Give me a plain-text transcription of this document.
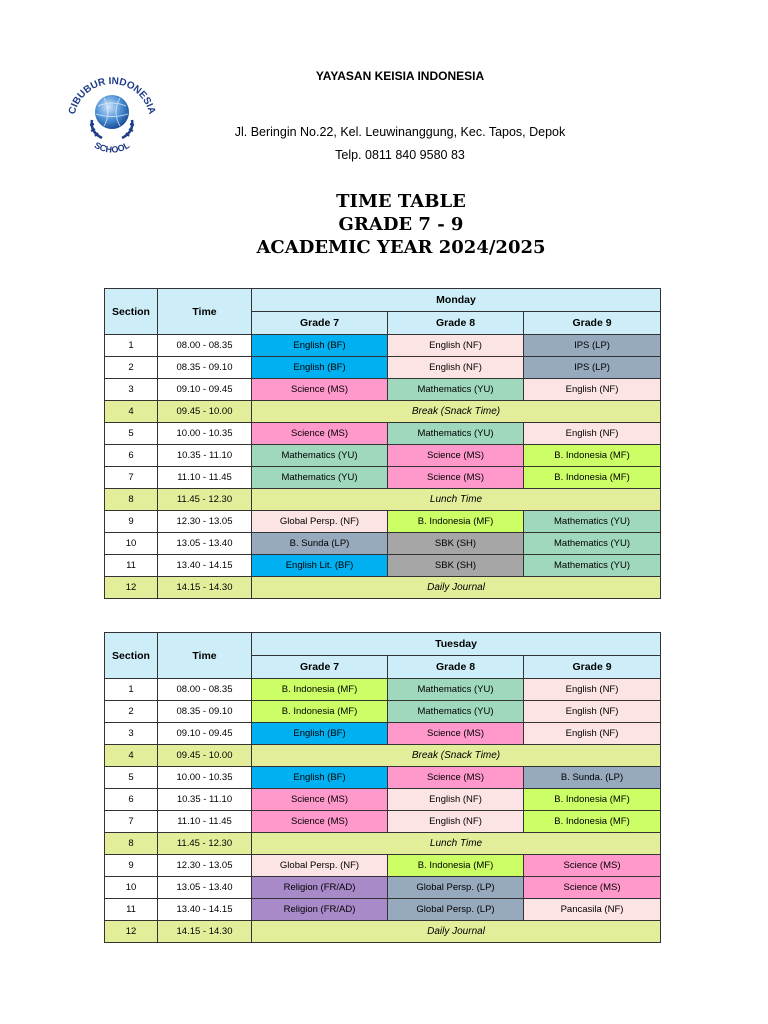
CIBUBUR INDONESIA
SCHOOL
YAYASAN KEISIA INDONESIA
Jl. Beringin No.22, Kel. Leuwinanggung, Kec. Tapos, Depok
Telp. 0811 840 9580 83
TIME TABLE
GRADE 7 - 9
ACADEMIC YEAR 2024/2025
Section	Time	Monday		
		Grade 7	Grade 8	Grade 9
1	08.00 - 08.35	English (BF)	English (NF)	IPS (LP)
2	08.35 - 09.10	English (BF)	English (NF)	IPS (LP)
3	09.10 - 09.45	Science (MS)	Mathematics (YU)	English (NF)
4	09.45 - 10.00	Break (Snack Time)		
5	10.00 - 10.35	Science (MS)	Mathematics (YU)	English (NF)
6	10.35 - 11.10	Mathematics (YU)	Science (MS)	B. Indonesia (MF)
7	11.10 - 11.45	Mathematics (YU)	Science (MS)	B. Indonesia (MF)
8	11.45 - 12.30	Lunch Time		
9	12.30 - 13.05	Global Persp. (NF)	B. Indonesia (MF)	Mathematics (YU)
10	13.05 - 13.40	B. Sunda (LP)	SBK (SH)	Mathematics (YU)
11	13.40 - 14.15	English Lit. (BF)	SBK (SH)	Mathematics (YU)
12	14.15 - 14.30	Daily Journal		
Section	Time	Tuesday		
		Grade 7	Grade 8	Grade 9
1	08.00 - 08.35	B. Indonesia (MF)	Mathematics (YU)	English (NF)
2	08.35 - 09.10	B. Indonesia (MF)	Mathematics (YU)	English (NF)
3	09.10 - 09.45	English (BF)	Science (MS)	English (NF)
4	09.45 - 10.00	Break (Snack Time)		
5	10.00 - 10.35	English (BF)	Science (MS)	B. Sunda. (LP)
6	10.35 - 11.10	Science (MS)	English (NF)	B. Indonesia (MF)
7	11.10 - 11.45	Science (MS)	English (NF)	B. Indonesia (MF)
8	11.45 - 12.30	Lunch Time		
9	12.30 - 13.05	Global Persp. (NF)	B. Indonesia (MF)	Science (MS)
10	13.05 - 13.40	Religion (FR/AD)	Global Persp. (LP)	Science (MS)
11	13.40 - 14.15	Religion (FR/AD)	Global Persp. (LP)	Pancasila (NF)
12	14.15 - 14.30	Daily Journal		
